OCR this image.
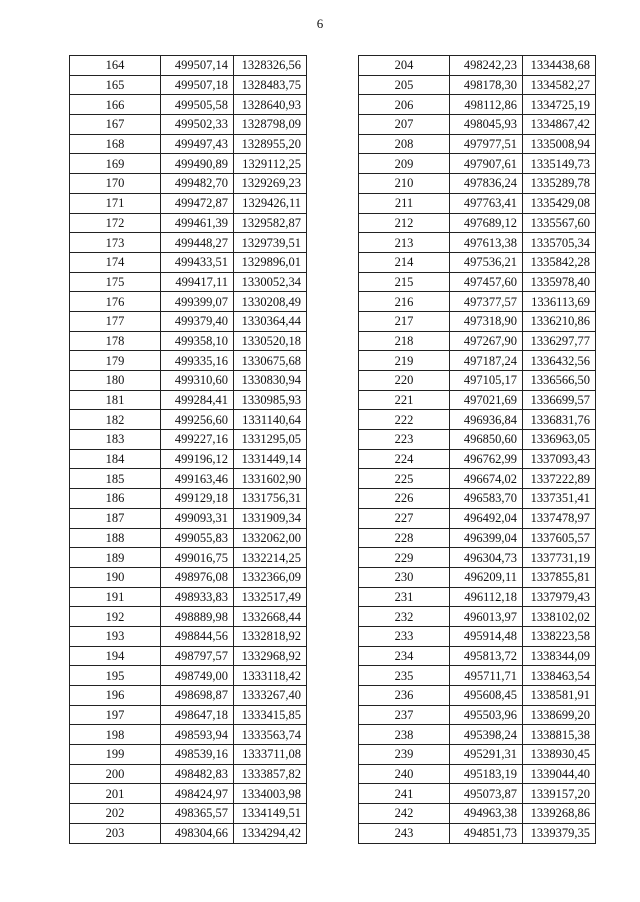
6
164	499507,14	1328326,56
165	499507,18	1328483,75
166	499505,58	1328640,93
167	499502,33	1328798,09
168	499497,43	1328955,20
169	499490,89	1329112,25
170	499482,70	1329269,23
171	499472,87	1329426,11
172	499461,39	1329582,87
173	499448,27	1329739,51
174	499433,51	1329896,01
175	499417,11	1330052,34
176	499399,07	1330208,49
177	499379,40	1330364,44
178	499358,10	1330520,18
179	499335,16	1330675,68
180	499310,60	1330830,94
181	499284,41	1330985,93
182	499256,60	1331140,64
183	499227,16	1331295,05
184	499196,12	1331449,14
185	499163,46	1331602,90
186	499129,18	1331756,31
187	499093,31	1331909,34
188	499055,83	1332062,00
189	499016,75	1332214,25
190	498976,08	1332366,09
191	498933,83	1332517,49
192	498889,98	1332668,44
193	498844,56	1332818,92
194	498797,57	1332968,92
195	498749,00	1333118,42
196	498698,87	1333267,40
197	498647,18	1333415,85
198	498593,94	1333563,74
199	498539,16	1333711,08
200	498482,83	1333857,82
201	498424,97	1334003,98
202	498365,57	1334149,51
203	498304,66	1334294,42
204	498242,23	1334438,68
205	498178,30	1334582,27
206	498112,86	1334725,19
207	498045,93	1334867,42
208	497977,51	1335008,94
209	497907,61	1335149,73
210	497836,24	1335289,78
211	497763,41	1335429,08
212	497689,12	1335567,60
213	497613,38	1335705,34
214	497536,21	1335842,28
215	497457,60	1335978,40
216	497377,57	1336113,69
217	497318,90	1336210,86
218	497267,90	1336297,77
219	497187,24	1336432,56
220	497105,17	1336566,50
221	497021,69	1336699,57
222	496936,84	1336831,76
223	496850,60	1336963,05
224	496762,99	1337093,43
225	496674,02	1337222,89
226	496583,70	1337351,41
227	496492,04	1337478,97
228	496399,04	1337605,57
229	496304,73	1337731,19
230	496209,11	1337855,81
231	496112,18	1337979,43
232	496013,97	1338102,02
233	495914,48	1338223,58
234	495813,72	1338344,09
235	495711,71	1338463,54
236	495608,45	1338581,91
237	495503,96	1338699,20
238	495398,24	1338815,38
239	495291,31	1338930,45
240	495183,19	1339044,40
241	495073,87	1339157,20
242	494963,38	1339268,86
243	494851,73	1339379,35
